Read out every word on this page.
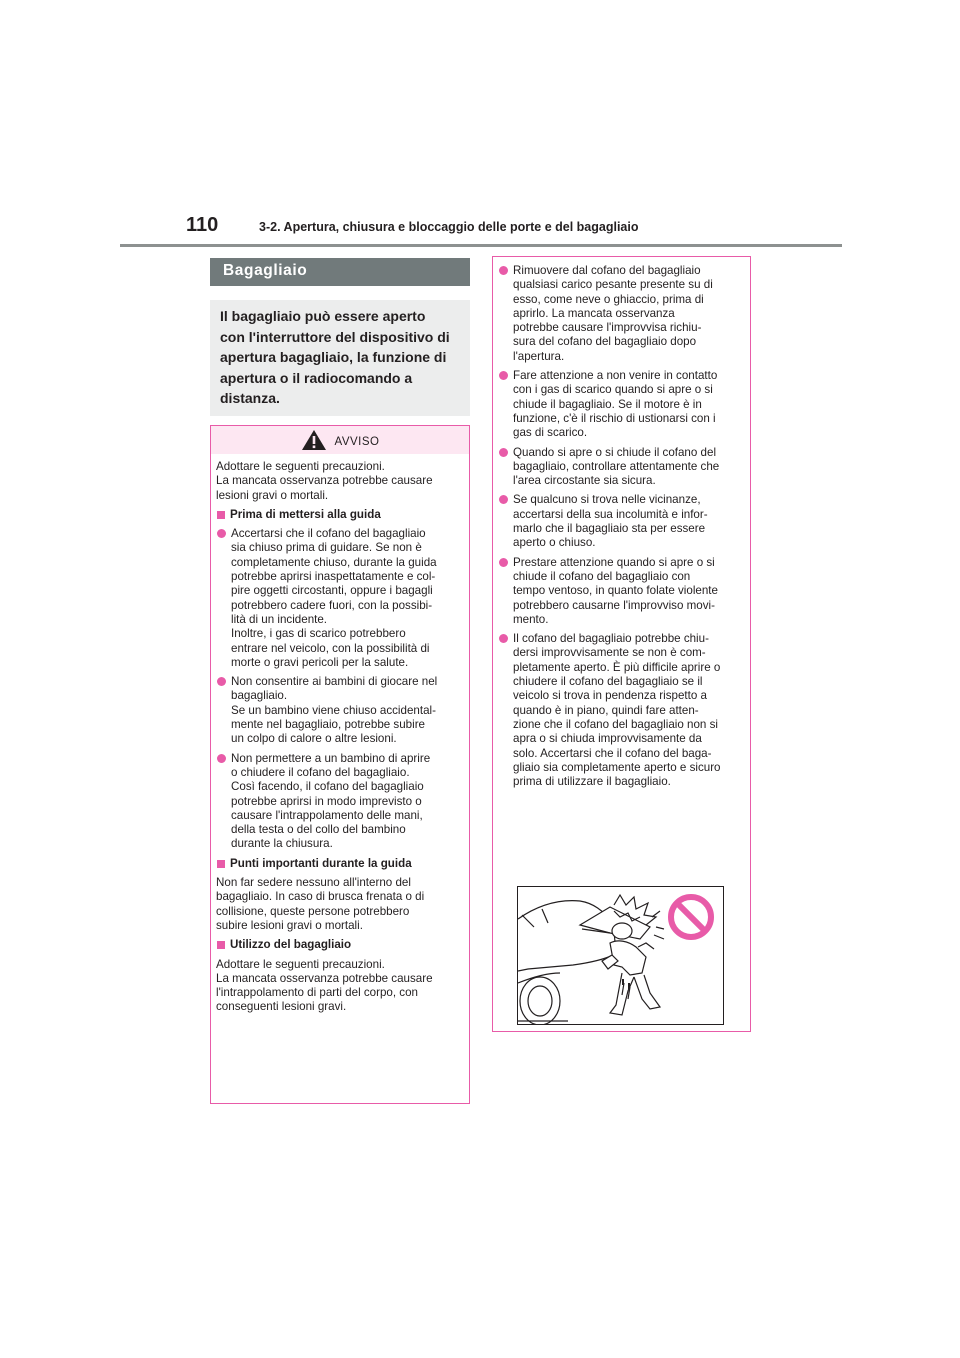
110	3-2. Apertura, chiusura e bloccaggio delle porte e del bagagliaio
Bagagliaio
Il bagagliaio può essere aperto
con l'interruttore del dispositivo di
apertura bagagliaio, la funzione di
apertura o il radiocomando a
distanza.
AVVISO
Adottare le seguenti precauzioni.
La mancata osservanza potrebbe causare
lesioni gravi o mortali.
Prima di mettersi alla guida
Accertarsi che il cofano del bagagliaio
sia chiuso prima di guidare. Se non è
completamente chiuso, durante la guida
potrebbe aprirsi inaspettatamente e col-
pire oggetti circostanti, oppure i bagagli
potrebbero cadere fuori, con la possibi-
lità di un incidente.
Inoltre, i gas di scarico potrebbero
entrare nel veicolo, con la possibilità di
morte o gravi pericoli per la salute.
Non consentire ai bambini di giocare nel
bagagliaio.
Se un bambino viene chiuso accidental-
mente nel bagagliaio, potrebbe subire
un colpo di calore o altre lesioni.
Non permettere a un bambino di aprire
o chiudere il cofano del bagagliaio.
Così facendo, il cofano del bagagliaio
potrebbe aprirsi in modo imprevisto o
causare l'intrappolamento delle mani,
della testa o del collo del bambino
durante la chiusura.
Punti importanti durante la guida
Non far sedere nessuno all'interno del
bagagliaio. In caso di brusca frenata o di
collisione, queste persone potrebbero
subire lesioni gravi o mortali.
Utilizzo del bagagliaio
Adottare le seguenti precauzioni.
La mancata osservanza potrebbe causare
l'intrappolamento di parti del corpo, con
conseguenti lesioni gravi.
Rimuovere dal cofano del bagagliaio
qualsiasi carico pesante presente su di
esso, come neve o ghiaccio, prima di
aprirlo. La mancata osservanza
potrebbe causare l'improvvisa richiu-
sura del cofano del bagagliaio dopo
l'apertura.
Fare attenzione a non venire in contatto
con i gas di scarico quando si apre o si
chiude il bagagliaio. Se il motore è in
funzione, c'è il rischio di ustionarsi con i
gas di scarico.
Quando si apre o si chiude il cofano del
bagagliaio, controllare attentamente che
l'area circostante sia sicura.
Se qualcuno si trova nelle vicinanze,
accertarsi della sua incolumità e infor-
marlo che il bagagliaio sta per essere
aperto o chiuso.
Prestare attenzione quando si apre o si
chiude il cofano del bagagliaio con
tempo ventoso, in quanto folate violente
potrebbero causarne l'improvviso movi-
mento.
Il cofano del bagagliaio potrebbe chiu-
dersi improvvisamente se non è com-
pletamente aperto. È più difficile aprire o
chiudere il cofano del bagagliaio se il
veicolo si trova in pendenza rispetto a
quando è in piano, quindi fare atten-
zione che il cofano del bagagliaio non si
apra o si chiuda improvvisamente da
solo. Accertarsi che il cofano del baga-
gliaio sia completamente aperto e sicuro
prima di utilizzare il bagagliaio.
